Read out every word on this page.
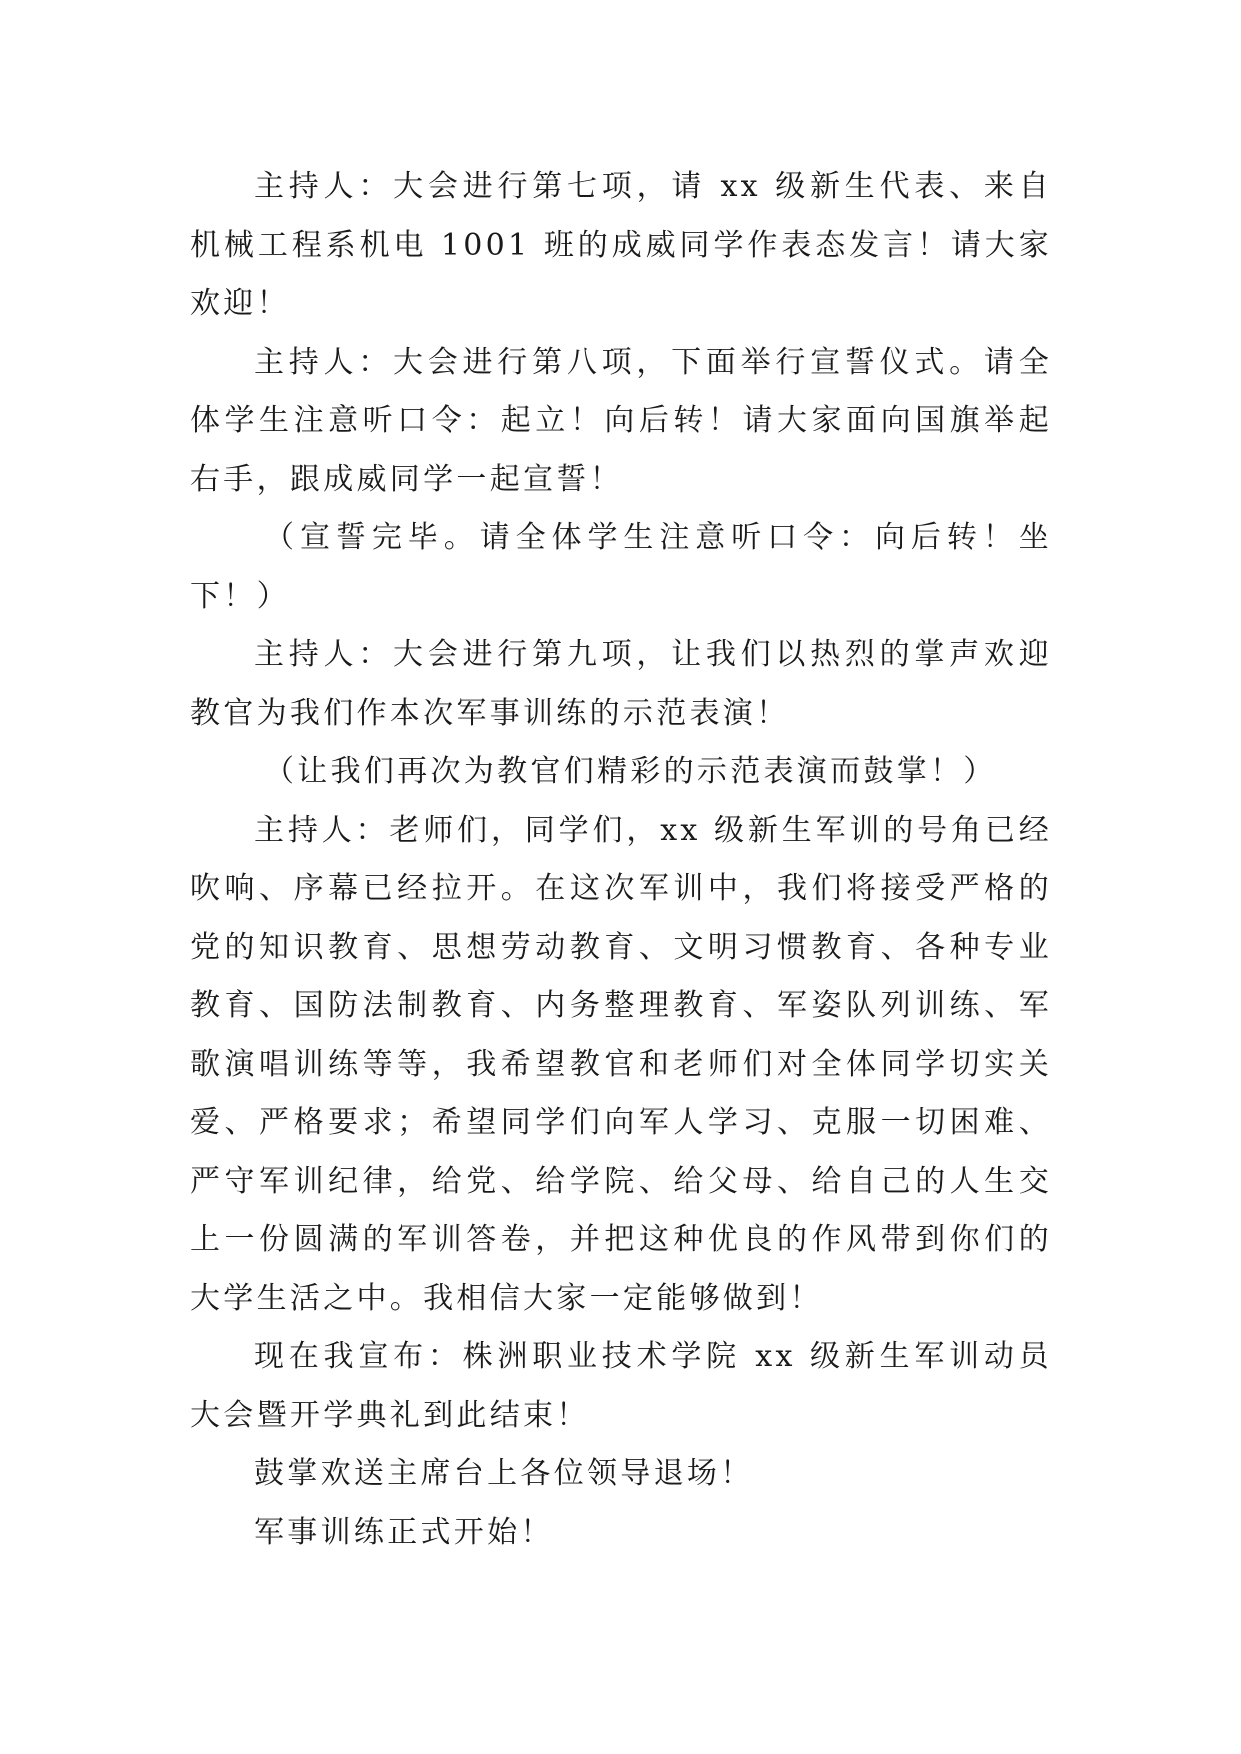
主持人：大会进行第七项，请 xx 级新生代表、来自机械工程系机电 1001 班的成威同学作表态发言！请大家欢迎！

主持人：大会进行第八项，下面举行宣誓仪式。请全体学生注意听口令：起立！向后转！请大家面向国旗举起右手，跟成威同学一起宣誓！

（宣誓完毕。请全体学生注意听口令：向后转！坐下！）

主持人：大会进行第九项，让我们以热烈的掌声欢迎教官为我们作本次军事训练的示范表演！

（让我们再次为教官们精彩的示范表演而鼓掌！）

主持人：老师们，同学们，xx 级新生军训的号角已经吹响、序幕已经拉开。在这次军训中，我们将接受严格的党的知识教育、思想劳动教育、文明习惯教育、各种专业教育、国防法制教育、内务整理教育、军姿队列训练、军歌演唱训练等等，我希望教官和老师们对全体同学切实关爱、严格要求；希望同学们向军人学习、克服一切困难、严守军训纪律，给党、给学院、给父母、给自己的人生交上一份圆满的军训答卷，并把这种优良的作风带到你们的大学生活之中。我相信大家一定能够做到！

现在我宣布：株洲职业技术学院 xx 级新生军训动员大会暨开学典礼到此结束！

鼓掌欢送主席台上各位领导退场！

军事训练正式开始！
